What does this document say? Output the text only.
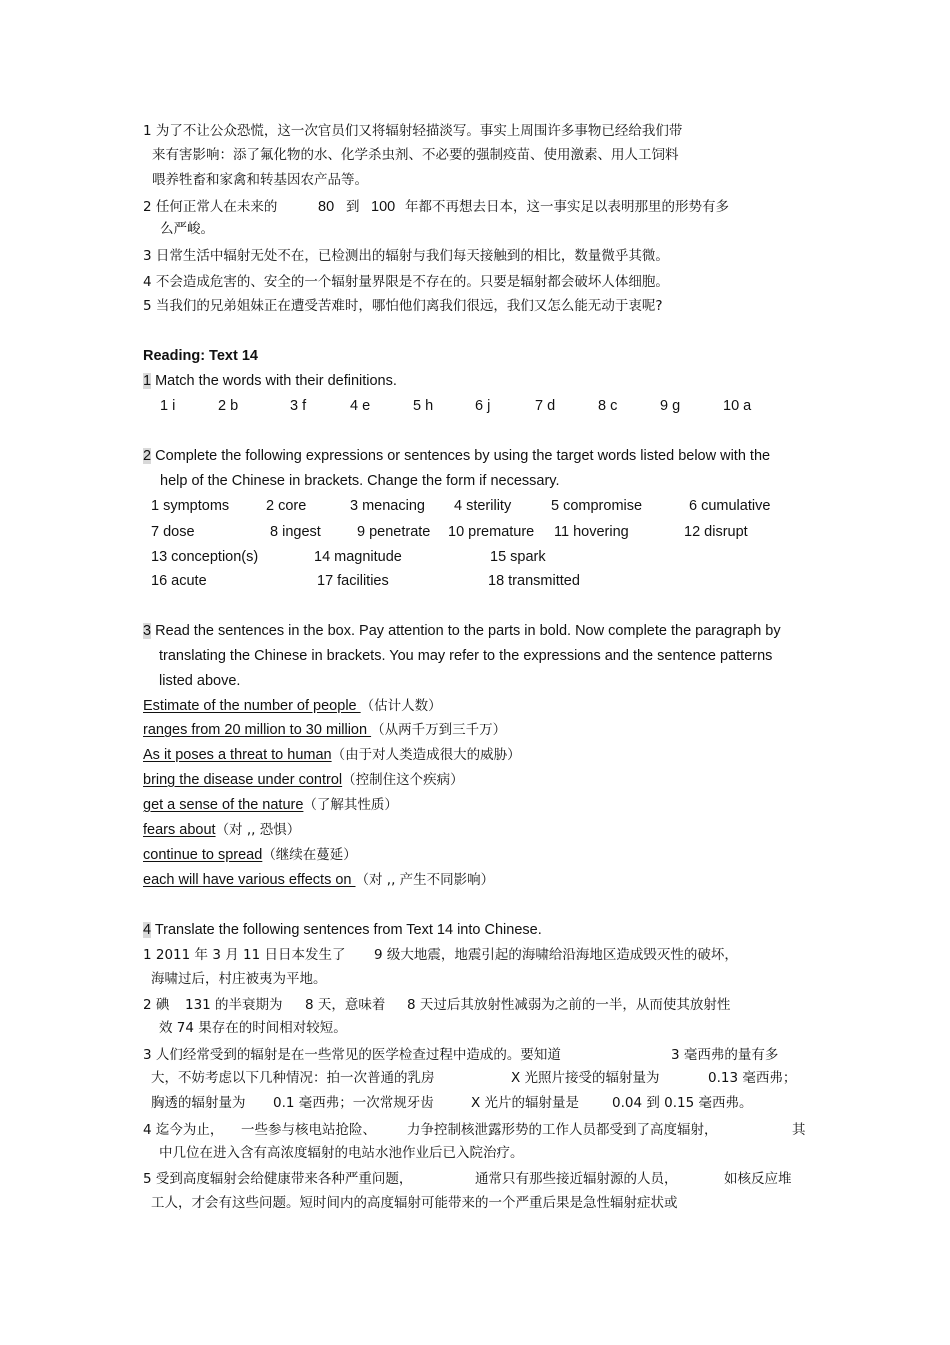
1 为了不让公众恐慌，这一次官员们又将辐射轻描淡写。事实上周围许多事物已经给我们带
来有害影响：添了氟化物的水、化学杀虫剂、不必要的强制疫苗、使用激素、用人工饲料
喂养牲畜和家禽和转基因农产品等。
2 任何正常人在未来的	80 到 100 年都不再想去日本，这一事实足以表明那里的形势有多
么严峻。
3 日常生活中辐射无处不在，已检测出的辐射与我们每天接触到的相比，数量微乎其微。
4 不会造成危害的、安全的一个辐射量界限是不存在的。只要是辐射都会破坏人体细胞。
5 当我们的兄弟姐妹正在遭受苦难时，哪怕他们离我们很远，我们又怎么能无动于衷呢?
Reading: Text 14
1 Match the words with their definitions.
1 i	2 b	3 f	4 e	5 h	6 j	7 d	8 c	9 g	10 a
2 Complete the following expressions or sentences by using the target words listed below with the
help of the Chinese in brackets. Change the form if necessary.
1 symptoms	2 core	3 menacing 4 sterility	5 compromise	6 cumulative
7 dose	8 ingest 9 penetrate 10 premature 11 hovering	12 disrupt
13 conception(s)	14 magnitude	15 spark
16 acute	17 facilities	18 transmitted
3 Read the sentences in the box. Pay attention to the parts in bold. Now complete the paragraph by
translating the Chinese in brackets. You may refer to the expressions and the sentence patterns
listed above.
Estimate of the number of people （估计人数）
ranges from 20 million to 30 million （从两千万到三千万）
As it poses a threat to human（由于对人类造成很大的威胁）
bring the disease under control（控制住这个疾病）
get a sense of the nature（了解其性质）
fears about（对 ,, 恐惧）
continue to spread（继续在蔓延）
each will have various effects on （对 ,, 产生不同影响）
4 Translate the following sentences from Text 14 into Chinese.
1 2011 年 3 月 11 日日本发生了 9 级大地震，地震引起的海啸给沿海地区造成毁灭性的破坏，
海啸过后，村庄被夷为平地。
2 碘 131 的半衰期为 8 天，意味着 8 天过后其放射性减弱为之前的一半，从而使其放射性
效 74 果存在的时间相对较短。
3 人们经常受到的辐射是在一些常见的医学检查过程中造成的。要知道	3 毫西弗的量有多
大，不妨考虑以下几种情况：拍一次普通的乳房	X 光照片接受的辐射量为	0.13 毫西弗；
胸透的辐射量为 0.1 毫西弗；一次常规牙齿	X 光片的辐射量是 0.04 到 0.15 毫西弗。
4 迄今为止， 一些参与核电站抢险、 力争控制核泄露形势的工作人员都受到了高度辐射，	其
中几位在进入含有高浓度辐射的电站水池作业后已入院治疗。
5 受到高度辐射会给健康带来各种严重问题，	通常只有那些接近辐射源的人员，	如核反应堆
工人，才会有这些问题。短时间内的高度辐射可能带来的一个严重后果是急性辐射症状或
